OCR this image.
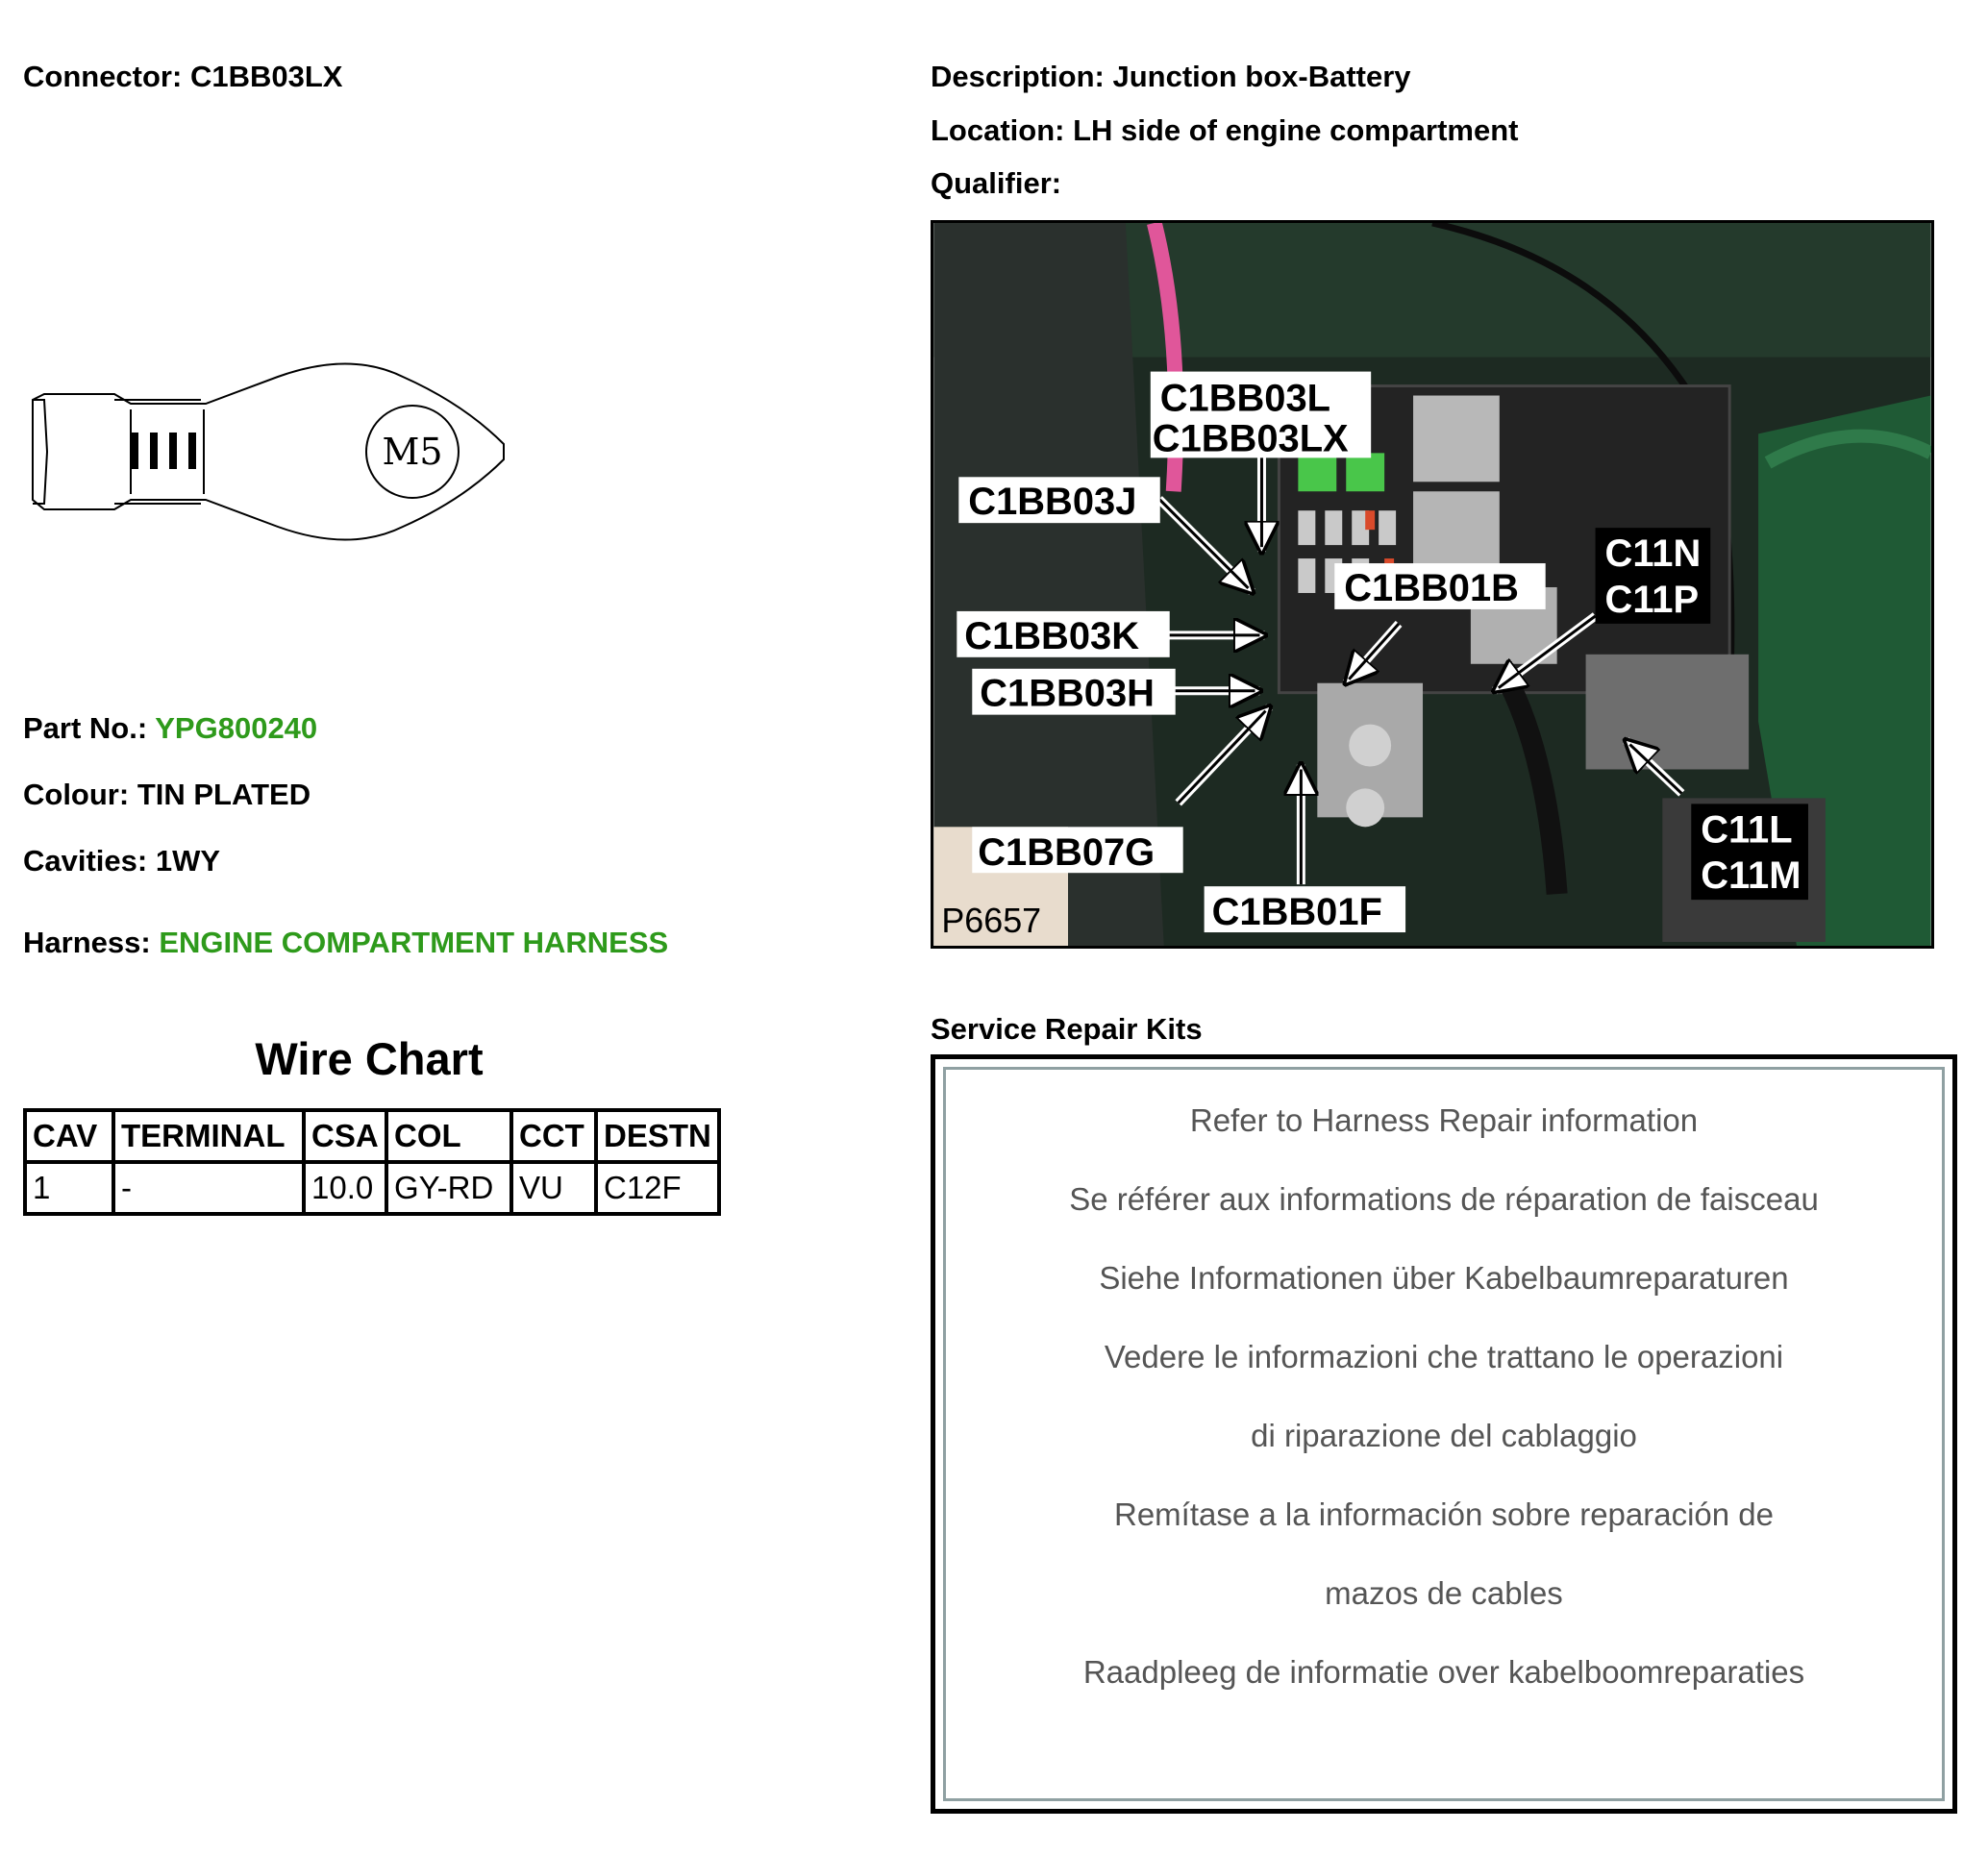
Connector: C1BB03LX	Description: Junction box-Battery
Location: LH side of engine compartment
Qualifier:
M5
Part No.: YPG800240
Colour: TIN PLATED
Cavities: 1WY
Harness: ENGINE COMPARTMENT HARNESS
Wire Chart
CAV	TERMINAL	CSA	COL	CCT	DESTN
1	-	10.0	GY-RD	VU	C12F
C1BB03L
C1BB03LX
C1BB03J
C1BB01B
C11N
C11P
C1BB03K
C1BB03H
C11L
C11M
C1BB07G
C1BB01F
P6657
Service Repair Kits
Refer to Harness Repair information
Se référer aux informations de réparation de faisceau
Siehe Informationen über Kabelbaumreparaturen
Vedere le informazioni che trattano le operazioni
di riparazione del cablaggio
Remítase a la información sobre reparación de
mazos de cables
Raadpleeg de informatie over kabelboomreparaties
